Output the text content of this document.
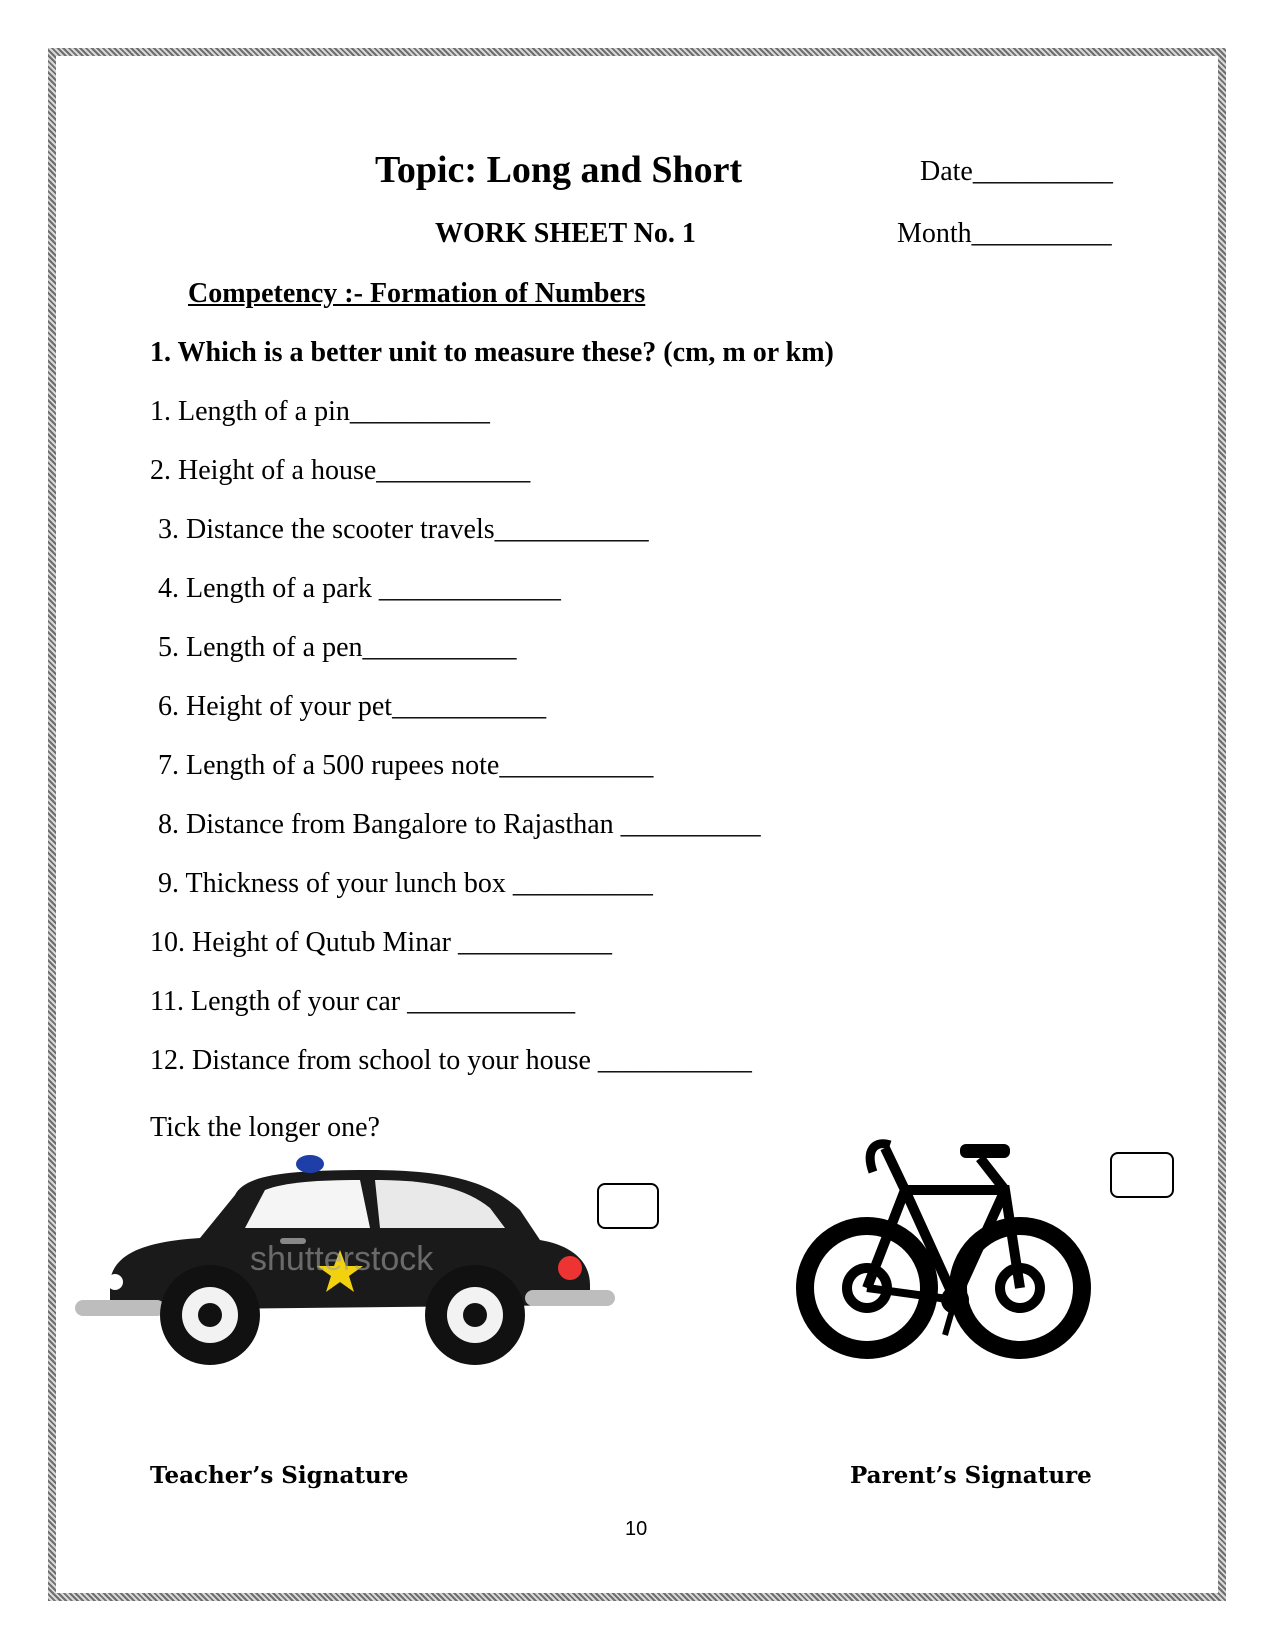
Topic: Long and Short	Date__________
WORK SHEET No. 1	Month__________
Competency :- Formation of Numbers
1. Which is a better unit to measure these? (cm, m or km)
1. Length of a pin__________
2. Height of a house___________
3. Distance the scooter travels___________
4. Length of a park _____________
5. Length of a pen___________
6. Height of your pet___________
7. Length of a 500 rupees note___________
8. Distance from Bangalore to Rajasthan __________
9. Thickness of your lunch box __________
10. Height of Qutub Minar ___________
11. Length of your car ____________
12. Distance from school to your house ___________
Tick the longer one?
shutterstock
Teacher’s Signature	Parent’s Signature
10
